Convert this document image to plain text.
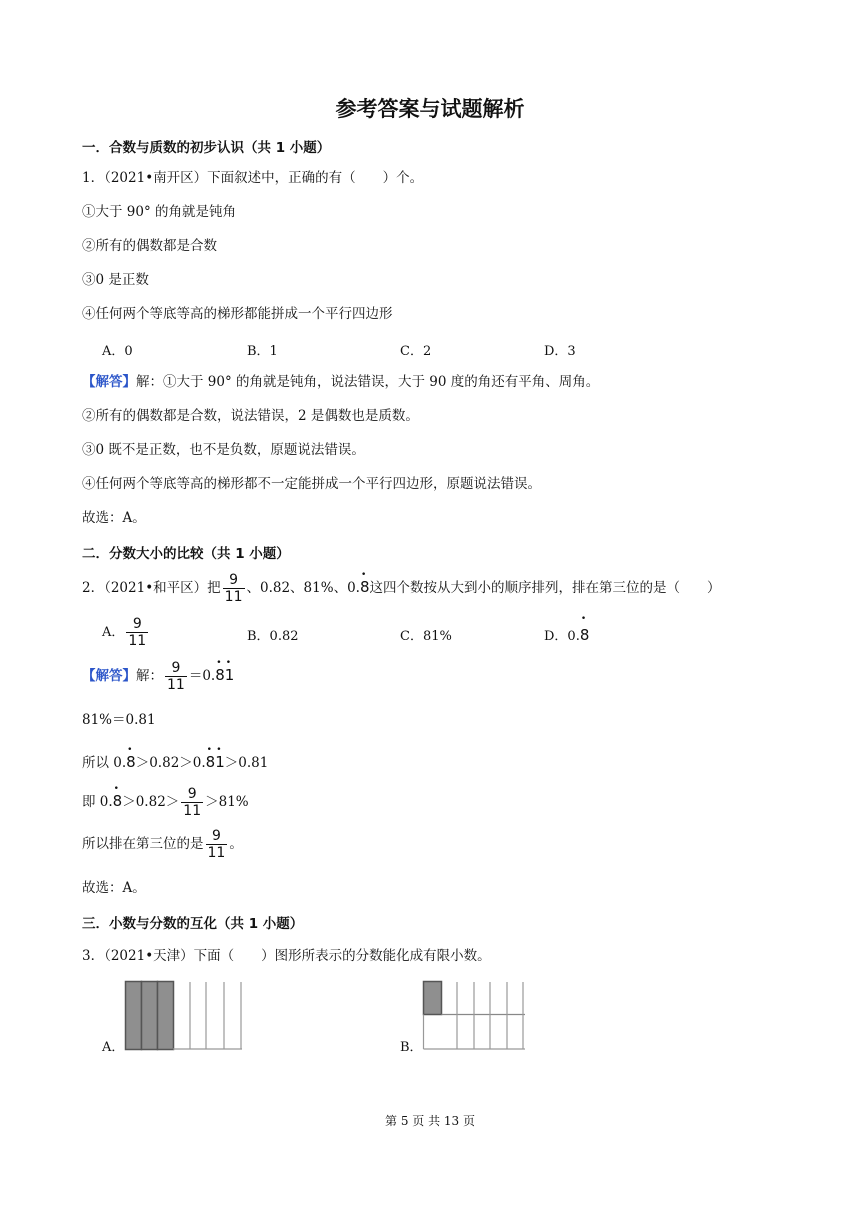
参考答案与试题解析
一．合数与质数的初步认识（共 1 小题）
1．（2021•南开区）下面叙述中，正确的有（　　）个。
①大于 90° 的角就是钝角
②所有的偶数都是合数
③0 是正数
④任何两个等底等高的梯形都能拼成一个平行四边形
A．0	B．1	C．2	D．3
【解答】解：①大于 90° 的角就是钝角，说法错误，大于 90 度的角还有平角、周角。
②所有的偶数都是合数，说法错误，2 是偶数也是质数。
③0 既不是正数，也不是负数，原题说法错误。
④任何两个等底等高的梯形都不一定能拼成一个平行四边形，原题说法错误。
故选：A。
二．分数大小的比较（共 1 小题）
2．（2021•和平区）把 $\frac{9}{11}$ 、0.82、81%、0.• 8这四个数按从大到小的顺序排列，排在第三位的是（　　）
A． $\frac{9}{11}$	B．0.82	C．81%	D．0.• 8
【解答】解： $\frac{9}{11}$ ＝0.• 8• 1
81%＝0.81
所以 0.• 8＞0.82＞0.• 8• 1＞0.81
即 0.• $8>0.82> \frac{9}{11} >81\%$
所以排在第三位的是 $\frac{9}{11}$ 。
故选：A。
三．小数与分数的互化（共 1 小题）
3．（2021•天津）下面（　　）图形所表示的分数能化成有限小数。
A．	B．
第 5 页 共 13 页
